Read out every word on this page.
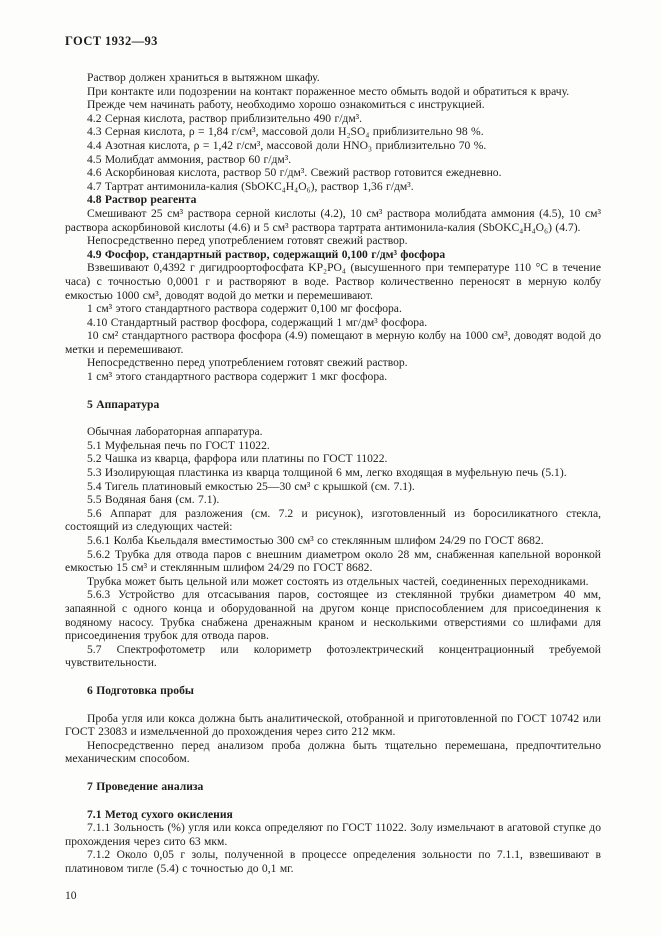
ГОСТ 1932—93

Раствор должен храниться в вытяжном шкафу.

При контакте или подозрении на контакт пораженное место обмыть водой и обратиться к врачу.

Прежде чем начинать работу, необходимо хорошо ознакомиться с инструкцией.

4.2 Серная кислота, раствор приблизительно 490 г/дм³.

4.3 Серная кислота, ρ = 1,84 г/см³, массовой доли H₂SO₄ приблизительно 98 %.

4.4 Азотная кислота, ρ = 1,42 г/см³, массовой доли HNO₃ приблизительно 70 %.

4.5 Молибдат аммония, раствор 60 г/дм³.

4.6 Аскорбиновая кислота, раствор 50 г/дм³. Свежий раствор готовится ежедневно.

4.7 Тартрат антимонила-калия (SbOKC₄H₄O₆), раствор 1,36 г/дм³.

4.8 Раствор реагента

Смешивают 25 см³ раствора серной кислоты (4.2), 10 см³ раствора молибдата аммония (4.5), 10 см³ раствора аскорбиновой кислоты (4.6) и 5 см³ раствора тартрата антимонила-калия (SbOKC₄H₄O₆) (4.7).

Непосредственно перед употреблением готовят свежий раствор.

4.9 Фосфор, стандартный раствор, содержащий 0,100 г/дм³ фосфора

Взвешивают 0,4392 г дигидроортофосфата KP₂PO₄ (высушенного при температуре 110 °С в течение часа) с точностью 0,0001 г и растворяют в воде. Раствор количественно переносят в мерную колбу емкостью 1000 см³, доводят водой до метки и перемешивают.

1 см³ этого стандартного раствора содержит 0,100 мг фосфора.

4.10 Стандартный раствор фосфора, содержащий 1 мг/дм³ фосфора.

10 см² стандартного раствора фосфора (4.9) помещают в мерную колбу на 1000 см³, доводят водой до метки и перемешивают.

Непосредственно перед употреблением готовят свежий раствор.

1 см³ этого стандартного раствора содержит 1 мкг фосфора.

5 Аппаратура

Обычная лабораторная аппаратура.

5.1 Муфельная печь по ГОСТ 11022.

5.2 Чашка из кварца, фарфора или платины по ГОСТ 11022.

5.3 Изолирующая пластинка из кварца толщиной 6 мм, легко входящая в муфельную печь (5.1).

5.4 Тигель платиновый емкостью 25—30 см³ с крышкой (см. 7.1).

5.5 Водяная баня (см. 7.1).

5.6 Аппарат для разложения (см. 7.2 и рисунок), изготовленный из боросиликатного стекла, состоящий из следующих частей:

5.6.1 Колба Кьельдаля вместимостью 300 см³ со стеклянным шлифом 24/29 по ГОСТ 8682.

5.6.2 Трубка для отвода паров с внешним диаметром около 28 мм, снабженная капельной воронкой емкостью 15 см³ и стеклянным шлифом 24/29 по ГОСТ 8682.

Трубка может быть цельной или может состоять из отдельных частей, соединенных переходниками.

5.6.3 Устройство для отсасывания паров, состоящее из стеклянной трубки диаметром 40 мм, запаянной с одного конца и оборудованной на другом конце приспособлением для присоединения к водяному насосу. Трубка снабжена дренажным краном и несколькими отверстиями со шлифами для присоединения трубок для отвода паров.

5.7 Спектрофотометр или колориметр фотоэлектрический концентрационный требуемой чувствительности.

6 Подготовка пробы

Проба угля или кокса должна быть аналитической, отобранной и приготовленной по ГОСТ 10742 или ГОСТ 23083 и измельченной до прохождения через сито 212 мкм.

Непосредственно перед анализом проба должна быть тщательно перемешана, предпочтительно механическим способом.

7 Проведение анализа

7.1 Метод сухого окисления

7.1.1 Зольность (%) угля или кокса определяют по ГОСТ 11022. Золу измельчают в агатовой ступке до прохождения через сито 63 мкм.

7.1.2 Около 0,05 г золы, полученной в процессе определения зольности по 7.1.1, взвешивают в платиновом тигле (5.4) с точностью до 0,1 мг.

10
